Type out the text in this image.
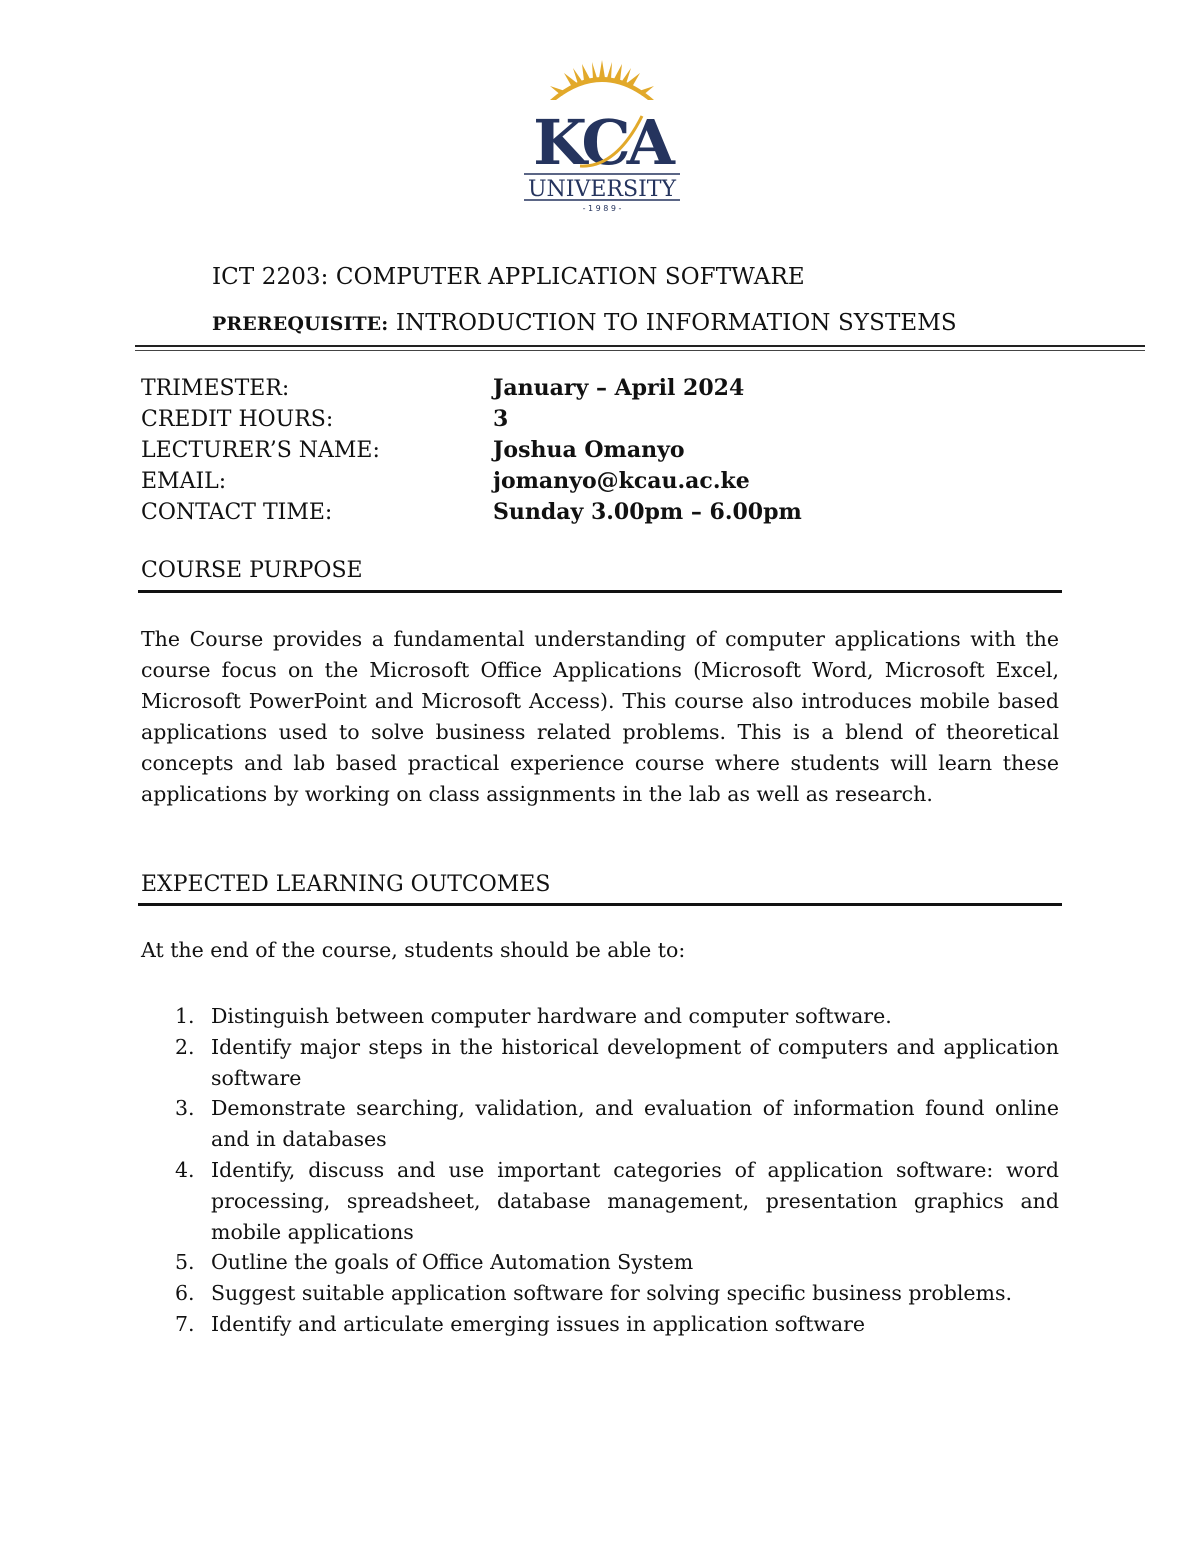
KCA
UNIVERSITY
- 1 9 8 9 -
ICT 2203: COMPUTER APPLICATION SOFTWARE
PREREQUISITE: INTRODUCTION TO INFORMATION SYSTEMS
TRIMESTER:	January – April 2024
CREDIT HOURS:	3
LECTURER’S NAME:	Joshua Omanyo
EMAIL:	jomanyo@kcau.ac.ke
CONTACT TIME:	Sunday 3.00pm – 6.00pm
COURSE PURPOSE

The Course provides a fundamental understanding of computer applications with the course focus on the Microsoft Office Applications (Microsoft Word, Microsoft Excel, Microsoft PowerPoint and Microsoft Access). This course also introduces mobile based applications used to solve business related problems. This is a blend of theoretical concepts and lab based practical experience course where students will learn these applications by working on class assignments in the lab as well as research.

EXPECTED LEARNING OUTCOMES

At the end of the course, students should be able to:

1. Distinguish between computer hardware and computer software.
2. Identify major steps in the historical development of computers and application software
3. Demonstrate searching, validation, and evaluation of information found online and in databases
4. Identify, discuss and use important categories of application software: word processing, spreadsheet, database management, presentation graphics and mobile applications
5. Outline the goals of Office Automation System
6. Suggest suitable application software for solving specific business problems.
7. Identify and articulate emerging issues in application software
